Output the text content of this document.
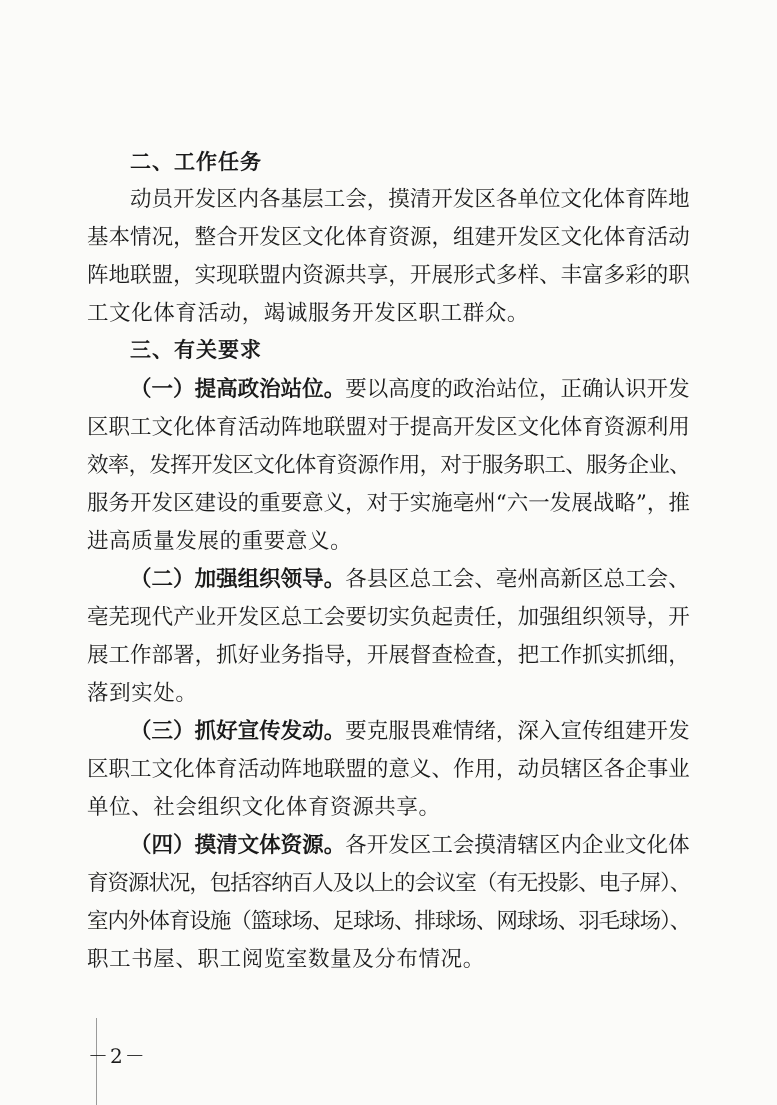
二、工作任务
动员开发区内各基层工会，摸清开发区各单位文化体育阵地
基本情况，整合开发区文化体育资源，组建开发区文化体育活动
阵地联盟，实现联盟内资源共享，开展形式多样、丰富多彩的职
工文化体育活动，竭诚服务开发区职工群众。
三、有关要求
（一）提高政治站位。要以高度的政治站位，正确认识开发
区职工文化体育活动阵地联盟对于提高开发区文化体育资源利用
效率，发挥开发区文化体育资源作用，对于服务职工、服务企业、
服务开发区建设的重要意义，对于实施亳州“六一发展战略”，推
进高质量发展的重要意义。
（二）加强组织领导。各县区总工会、亳州高新区总工会、
亳芜现代产业开发区总工会要切实负起责任，加强组织领导，开
展工作部署，抓好业务指导，开展督查检查，把工作抓实抓细，
落到实处。
（三）抓好宣传发动。要克服畏难情绪，深入宣传组建开发
区职工文化体育活动阵地联盟的意义、作用，动员辖区各企事业
单位、社会组织文化体育资源共享。
（四）摸清文体资源。各开发区工会摸清辖区内企业文化体
育资源状况，包括容纳百人及以上的会议室（有无投影、电子屏）、
室内外体育设施（篮球场、足球场、排球场、网球场、羽毛球场）、
职工书屋、职工阅览室数量及分布情况。
－2－
